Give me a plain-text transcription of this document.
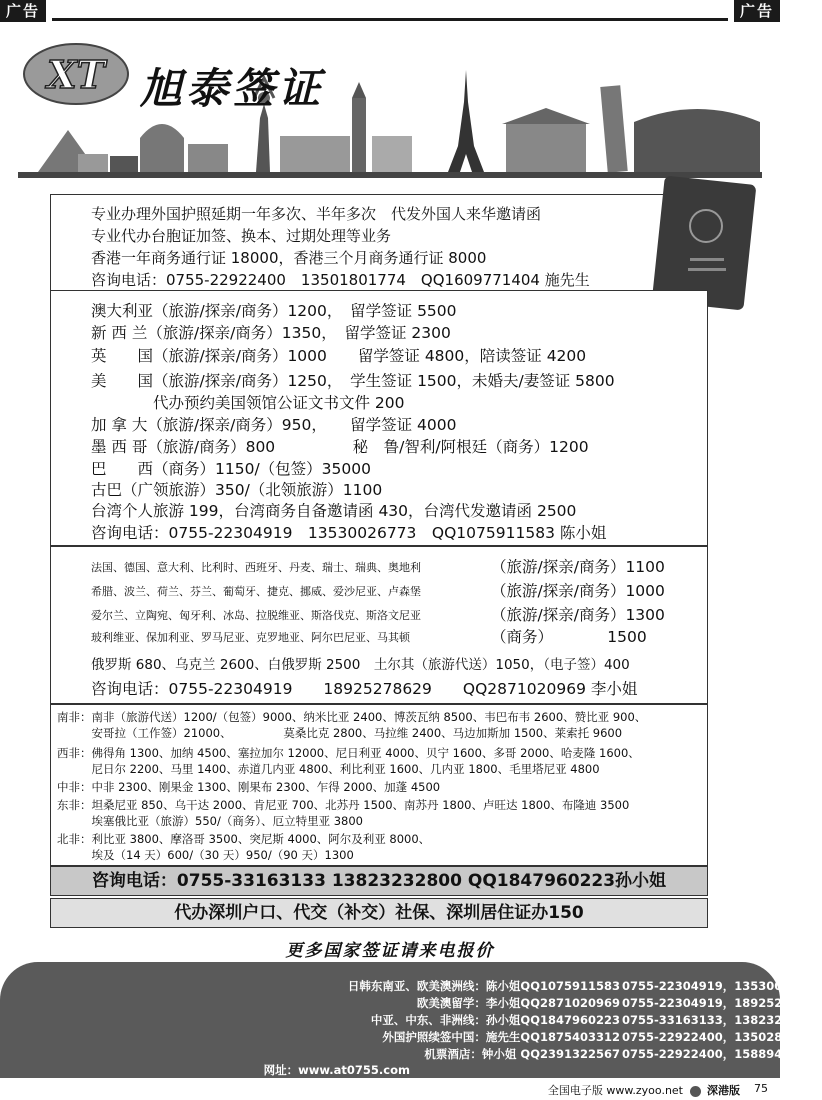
广告	广告
XT 旭泰签证
专业办理外国护照延期一年多次、半年多次　代发外国人来华邀请函
专业代办台胞证加签、换本、过期处理等业务
香港一年商务通行证 18000，香港三个月商务通行证 8000
咨询电话：0755-22922400　13501801774　QQ1609771404 施先生
澳大利亚（旅游/探亲/商务）1200，　留学签证 5500
新 西 兰（旅游/探亲/商务）1350，　留学签证 2300
英　　国（旅游/探亲/商务）1000　　留学签证 4800，陪读签证 4200
美　　国（旅游/探亲/商务）1250，　学生签证 1500，未婚夫/妻签证 5800
　　　　代办预约美国领馆公证文书文件 200
加 拿 大（旅游/探亲/商务）950，　　留学签证 4000
墨 西 哥（旅游/商务）800　　　　　秘　鲁/智利/阿根廷（商务）1200
巴　　西（商务）1150/（包签）35000
古巴（广领旅游）350/（北领旅游）1100
台湾个人旅游 199，台湾商务自备邀请函 430，台湾代发邀请函 2500
咨询电话：0755-22304919　13530026773　QQ1075911583 陈小姐
法国、德国、意大利、比利时、西班牙、丹麦、瑞士、瑞典、奥地利	（旅游/探亲/商务）1100
希腊、波兰、荷兰、芬兰、葡萄牙、捷克、挪威、爱沙尼亚、卢森堡	（旅游/探亲/商务）1000
爱尔兰、立陶宛、匈牙利、冰岛、拉脱维亚、斯洛伐克、斯洛文尼亚	（旅游/探亲/商务）1300
玻利维亚、保加利亚、罗马尼亚、克罗地亚、阿尔巴尼亚、马其顿	（商务）　　　　1500
俄罗斯 680、乌克兰 2600、白俄罗斯 2500　土尔其（旅游代送）1050，（电子签）400
咨询电话：0755-22304919　　18925278629　　QQ2871020969 李小姐
南非：南非（旅游代送）1200/（包签）9000、纳米比亚 2400、博茨瓦纳 8500、韦巴布韦 2600、赞比亚 900、
　　　安哥拉（工作签）21000、　　　　　莫桑比克 2800、马拉维 2400、马边加斯加 1500、莱索托 9600
西非：佛得角 1300、加纳 4500、塞拉加尔 12000、尼日利亚 4000、贝宁 1600、多哥 2000、哈麦隆 1600、
　　　尼日尔 2200、马里 1400、赤道几内亚 4800、利比利亚 1600、几内亚 1800、毛里塔尼亚 4800
中非：中非 2300、刚果金 1300、刚果布 2300、乍得 2000、加蓬 4500
东非：坦桑尼亚 850、乌干达 2000、肯尼亚 700、北苏丹 1500、南苏丹 1800、卢旺达 1800、布隆迪 3500
　　　埃塞俄比亚（旅游）550/（商务）、厄立特里亚 3800
北非：利比亚 3800、摩洛哥 3500、突尼斯 4000、阿尔及利亚 8000、
　　　埃及（14 天）600/（30 天）950/（90 天）1300
咨询电话：0755-33163133 13823232800 QQ1847960223孙小姐
代办深圳户口、代交（补交）社保、深圳居住证办150
更多国家签证请来电报价
日韩东南亚、欧美澳洲线：陈小姐QQ1075911583 0755-22304919，13530026773
欧美澳留学：李小姐QQ2871020969 0755-22304919，18925278629
中亚、中东、非洲线：孙小姐QQ1847960223 0755-33163133，13823232800
外国护照续签中国：施先生QQ1875403312 0755-22922400，13502801774
机票酒店：钟小姐 QQ2391322567 0755-22922400，15889400740
网址：www.at0755.com
全国电子版 www.zyoo.net 深港版 75
